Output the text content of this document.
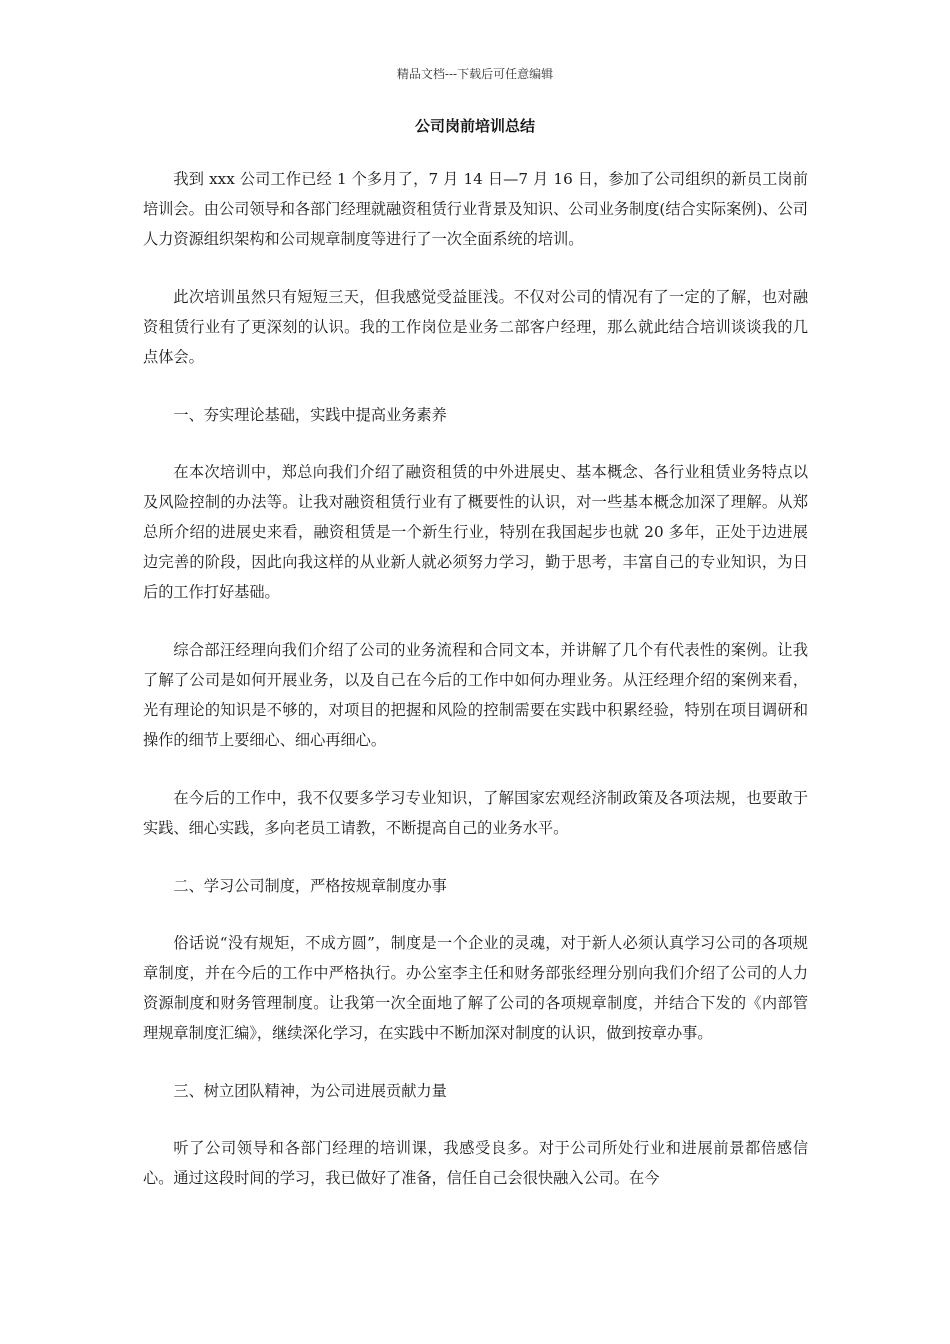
精品文档---下载后可任意编辑
公司岗前培训总结

我到 xxx 公司工作已经 1 个多月了，7 月 14 日—7 月 16 日，参加了公司组织的新员工岗前培训会。由公司领导和各部门经理就融资租赁行业背景及知识、公司业务制度(结合实际案例)、公司人力资源组织架构和公司规章制度等进行了一次全面系统的培训。

此次培训虽然只有短短三天，但我感觉受益匪浅。不仅对公司的情况有了一定的了解，也对融资租赁行业有了更深刻的认识。我的工作岗位是业务二部客户经理，那么就此结合培训谈谈我的几点体会。

一、夯实理论基础，实践中提高业务素养

在本次培训中，郑总向我们介绍了融资租赁的中外进展史、基本概念、各行业租赁业务特点以及风险控制的办法等。让我对融资租赁行业有了概要性的认识，对一些基本概念加深了理解。从郑总所介绍的进展史来看，融资租赁是一个新生行业，特别在我国起步也就 20 多年，正处于边进展边完善的阶段，因此向我这样的从业新人就必须努力学习，勤于思考，丰富自己的专业知识，为日后的工作打好基础。

综合部汪经理向我们介绍了公司的业务流程和合同文本，并讲解了几个有代表性的案例。让我了解了公司是如何开展业务，以及自己在今后的工作中如何办理业务。从汪经理介绍的案例来看，光有理论的知识是不够的，对项目的把握和风险的控制需要在实践中积累经验，特别在项目调研和操作的细节上要细心、细心再细心。

在今后的工作中，我不仅要多学习专业知识，了解国家宏观经济制政策及各项法规，也要敢于实践、细心实践，多向老员工请教，不断提高自己的业务水平。

二、学习公司制度，严格按规章制度办事

俗话说“没有规矩，不成方圆”，制度是一个企业的灵魂，对于新人必须认真学习公司的各项规章制度，并在今后的工作中严格执行。办公室李主任和财务部张经理分别向我们介绍了公司的人力资源制度和财务管理制度。让我第一次全面地了解了公司的各项规章制度，并结合下发的《内部管理规章制度汇编》，继续深化学习，在实践中不断加深对制度的认识，做到按章办事。

三、树立团队精神，为公司进展贡献力量

听了公司领导和各部门经理的培训课，我感受良多。对于公司所处行业和进展前景都倍感信心。通过这段时间的学习，我已做好了准备，信任自己会很快融入公司。在今
